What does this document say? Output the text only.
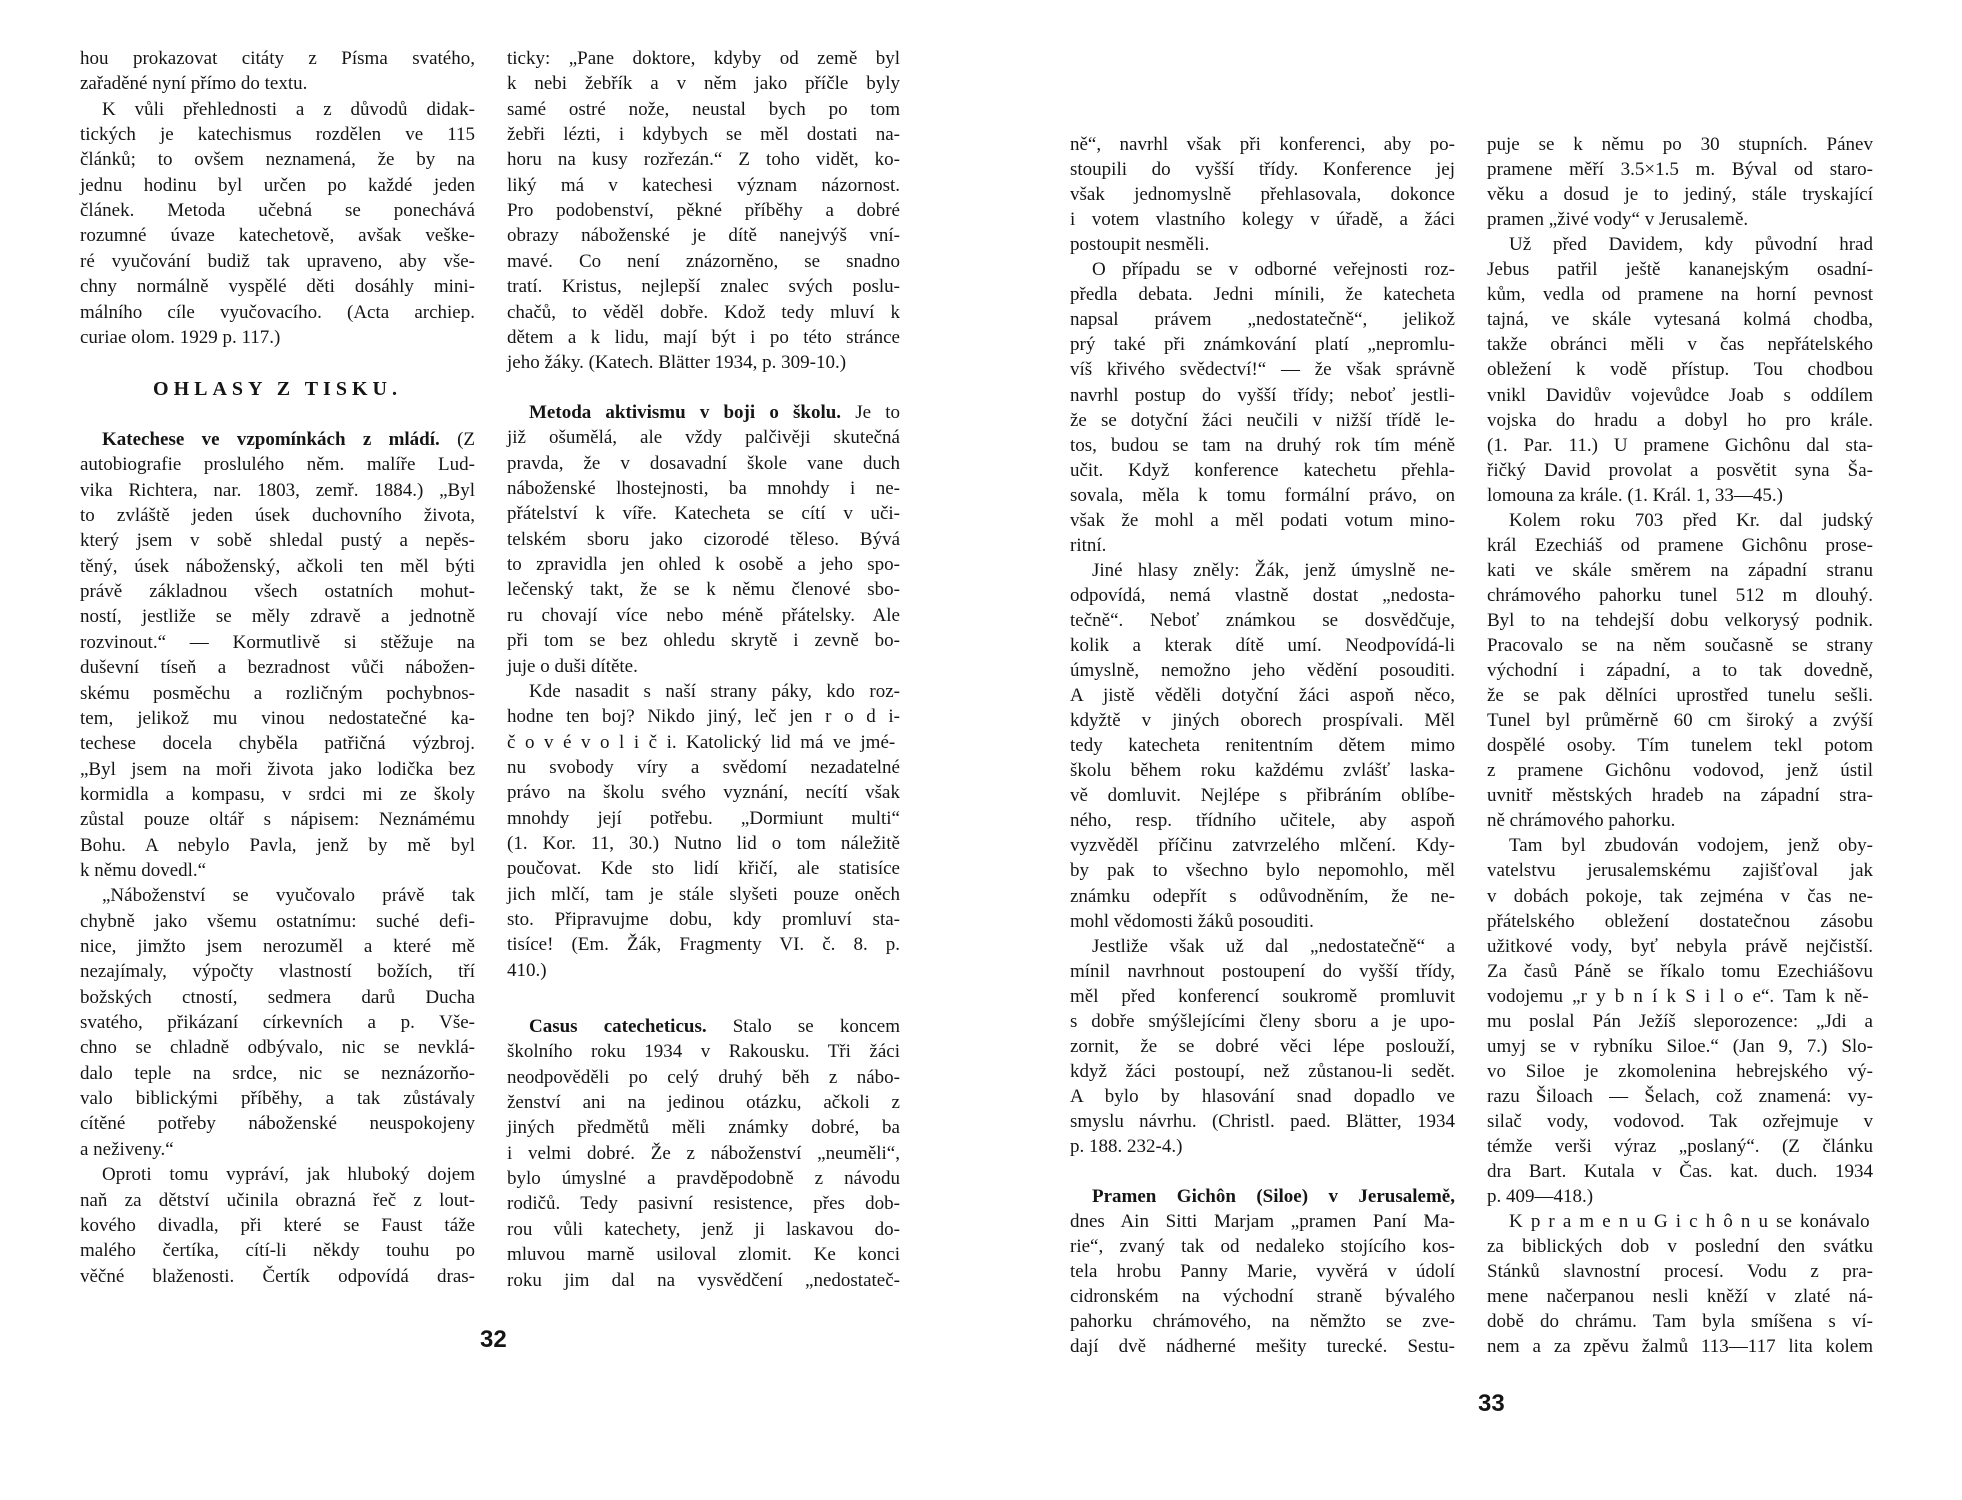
hou prokazovat citáty z Písma svatého,
zařaděné nyní přímo do textu.
K vůli přehlednosti a z důvodů didak-
tických je katechismus rozdělen ve 115
článků; to ovšem neznamená, že by na
jednu hodinu byl určen po každé jeden
článek. Metoda učebná se ponechává
rozumné úvaze katechetově, avšak veške-
ré vyučování budiž tak upraveno, aby vše-
chny normálně vyspělé děti dosáhly mini-
málního cíle vyučovacího. (Acta archiep.
curiae olom. 1929 p. 117.)
OHLASY Z TISKU.
Katechese ve vzpomínkách z mládí. (Z
autobiografie proslulého něm. malíře Lud-
vika Richtera, nar. 1803, zemř. 1884.) „Byl
to zvláště jeden úsek duchovního života,
který jsem v sobě shledal pustý a nepěs-
těný, úsek náboženský, ačkoli ten měl býti
právě základnou všech ostatních mohut-
ností, jestliže se měly zdravě a jednotně
rozvinout.“ — Kormutlivě si stěžuje na
duševní tíseň a bezradnost vůči nábožen-
skému posměchu a rozličným pochybnos-
tem, jelikož mu vinou nedostatečné ka-
techese docela chyběla patřičná výzbroj.
„Byl jsem na moři života jako lodička bez
kormidla a kompasu, v srdci mi ze školy
zůstal pouze oltář s nápisem: Neznámému
Bohu. A nebylo Pavla, jenž by mě byl
k němu dovedl.“
„Náboženství se vyučovalo právě tak
chybně jako všemu ostatnímu: suché defi-
nice, jimžto jsem nerozuměl a které mě
nezajímaly, výpočty vlastností božích, tří
božských ctností, sedmera darů Ducha
svatého, přikázaní církevních a p. Vše-
chno se chladně odbývalo, nic se nevklá-
dalo teple na srdce, nic se neznázorňo-
valo biblickými příběhy, a tak zůstávaly
cítěné potřeby náboženské neuspokojeny
a neživeny.“
Oproti tomu vypráví, jak hluboký dojem
naň za dětství učinila obrazná řeč z lout-
kového divadla, při které se Faust táže
malého čertíka, cítí-li někdy touhu po
věčné blaženosti. Čertík odpovídá dras-
ticky: „Pane doktore, kdyby od země byl
k nebi žebřík a v něm jako příčle byly
samé ostré nože, neustal bych po tom
žebři lézti, i kdybych se měl dostati na-
horu na kusy rozřezán.“ Z toho vidět, ko-
liký má v katechesi význam názornost.
Pro podobenství, pěkné příběhy a dobré
obrazy náboženské je dítě nanejvýš vní-
mavé. Co není znázorněno, se snadno
tratí. Kristus, nejlepší znalec svých poslu-
chačů, to věděl dobře. Kdož tedy mluví k
dětem a k lidu, mají být i po této stránce
jeho žáky. (Katech. Blätter 1934, p. 309-10.)
Metoda aktivismu v boji o školu. Je to
již ošumělá, ale vždy palčivěji skutečná
pravda, že v dosavadní škole vane duch
náboženské lhostejnosti, ba mnohdy i ne-
přátelství k víře. Katecheta se cítí v uči-
telském sboru jako cizorodé těleso. Bývá
to zpravidla jen ohled k osobě a jeho spo-
lečenský takt, že se k němu členové sbo-
ru chovají více nebo méně přátelsky. Ale
při tom se bez ohledu skrytě i zevně bo-
juje o duši dítěte.
Kde nasadit s naší strany páky, kdo roz-
hodne ten boj? Nikdo jiný, leč jen r o d i-
č o v é v o l i č i. Katolický lid má ve jmé-
nu svobody víry a svědomí nezadatelné
právo na školu svého vyznání, necítí však
mnohdy její potřebu. „Dormiunt multi“
(1. Kor. 11, 30.) Nutno lid o tom náležitě
poučovat. Kde sto lidí křičí, ale statisíce
jich mlčí, tam je stále slyšeti pouze oněch
sto. Připravujme dobu, kdy promluví sta-
tisíce! (Em. Žák, Fragmenty VI. č. 8. p.
410.)
Casus catecheticus. Stalo se koncem
školního roku 1934 v Rakousku. Tři žáci
neodpověděli po celý druhý běh z nábo-
ženství ani na jedinou otázku, ačkoli z
jiných předmětů měli známky dobré, ba
i velmi dobré. Že z náboženství „neuměli“,
bylo úmyslné a pravděpodobně z návodu
rodičů. Tedy pasivní resistence, přes dob-
rou vůli katechety, jenž ji laskavou do-
mluvou marně usiloval zlomit. Ke konci
roku jim dal na vysvědčení „nedostateč-
32
ně“, navrhl však při konferenci, aby po-
stoupili do vyšší třídy. Konference jej
však jednomyslně přehlasovala, dokonce
i votem vlastního kolegy v úřadě, a žáci
postoupit nesměli.
O případu se v odborné veřejnosti roz-
předla debata. Jedni mínili, že katecheta
napsal právem „nedostatečně“, jelikož
prý také při známkování platí „nepromlu-
víš křivého svědectví!“ — že však správně
navrhl postup do vyšší třídy; neboť jestli-
že se dotyční žáci neučili v nižší třídě le-
tos, budou se tam na druhý rok tím méně
učit. Když konference katechetu přehla-
sovala, měla k tomu formální právo, on
však že mohl a měl podati votum mino-
ritní.
Jiné hlasy zněly: Žák, jenž úmyslně ne-
odpovídá, nemá vlastně dostat „nedosta-
tečně“. Neboť známkou se dosvědčuje,
kolik a kterak dítě umí. Neodpovídá-li
úmyslně, nemožno jeho vědění posouditi.
A jistě věděli dotyční žáci aspoň něco,
kdyžtě v jiných oborech prospívali. Měl
tedy katecheta renitentním dětem mimo
školu během roku každému zvlášť laska-
vě domluvit. Nejlépe s přibráním oblíbe-
ného, resp. třídního učitele, aby aspoň
vyzvěděl příčinu zatvrzelého mlčení. Kdy-
by pak to všechno bylo nepomohlo, měl
známku odepřít s odůvodněním, že ne-
mohl vědomosti žáků posouditi.
Jestliže však už dal „nedostatečně“ a
mínil navrhnout postoupení do vyšší třídy,
měl před konferencí soukromě promluvit
s dobře smýšlejícími členy sboru a je upo-
zornit, že se dobré věci lépe poslouží,
když žáci postoupí, než zůstanou-li sedět.
A bylo by hlasování snad dopadlo ve
smyslu návrhu. (Christl. paed. Blätter, 1934
p. 188. 232-4.)
Pramen Gichôn (Siloe) v Jerusalemě,
dnes Ain Sitti Marjam „pramen Paní Ma-
rie“, zvaný tak od nedaleko stojícího kos-
tela hrobu Panny Marie, vyvěrá v údolí
cidronském na východní straně bývalého
pahorku chrámového, na němžto se zve-
dají dvě nádherné mešity turecké. Sestu-
puje se k němu po 30 stupních. Pánev
pramene měří 3.5×1.5 m. Býval od staro-
věku a dosud je to jediný, stále tryskající
pramen „živé vody“ v Jerusalemě.
Už před Davidem, kdy původní hrad
Jebus patřil ještě kananejským osadní-
kům, vedla od pramene na horní pevnost
tajná, ve skále vytesaná kolmá chodba,
takže obránci měli v čas nepřátelského
obležení k vodě přístup. Tou chodbou
vnikl Davidův vojevůdce Joab s oddílem
vojska do hradu a dobyl ho pro krále.
(1. Par. 11.) U pramene Gichônu dal sta-
řičký David provolat a posvětit syna Ša-
lomouna za krále. (1. Král. 1, 33—45.)
Kolem roku 703 před Kr. dal judský
král Ezechiáš od pramene Gichônu prose-
kati ve skále směrem na západní stranu
chrámového pahorku tunel 512 m dlouhý.
Byl to na tehdejší dobu velkorysý podnik.
Pracovalo se na něm současně se strany
východní i západní, a to tak dovedně,
že se pak dělníci uprostřed tunelu sešli.
Tunel byl průměrně 60 cm široký a zvýší
dospělé osoby. Tím tunelem tekl potom
z pramene Gichônu vodovod, jenž ústil
uvnitř městských hradeb na západní stra-
ně chrámového pahorku.
Tam byl zbudován vodojem, jenž oby-
vatelstvu jerusalemskému zajišťoval jak
v dobách pokoje, tak zejména v čas ne-
přátelského obležení dostatečnou zásobu
užitkové vody, byť nebyla právě nejčistší.
Za časů Páně se říkalo tomu Ezechiášovu
vodojemu „r y b n í k S i l o e“. Tam k ně-
mu poslal Pán Ježíš sleporozence: „Jdi a
umyj se v rybníku Siloe.“ (Jan 9, 7.) Slo-
vo Siloe je zkomolenina hebrejského vý-
razu Šiloach — Šelach, což znamená: vy-
silač vody, vodovod. Tak ozřejmuje v
témže verši výraz „poslaný“. (Z článku
dra Bart. Kutala v Čas. kat. duch. 1934
p. 409—418.)
K p r a m e n u G i c h ô n u se konávalo
za biblických dob v poslední den svátku
Stánků slavnostní procesí. Vodu z pra-
mene načerpanou nesli kněží v zlaté ná-
době do chrámu. Tam byla smíšena s ví-
nem a za zpěvu žalmů 113—117 lita kolem
33
